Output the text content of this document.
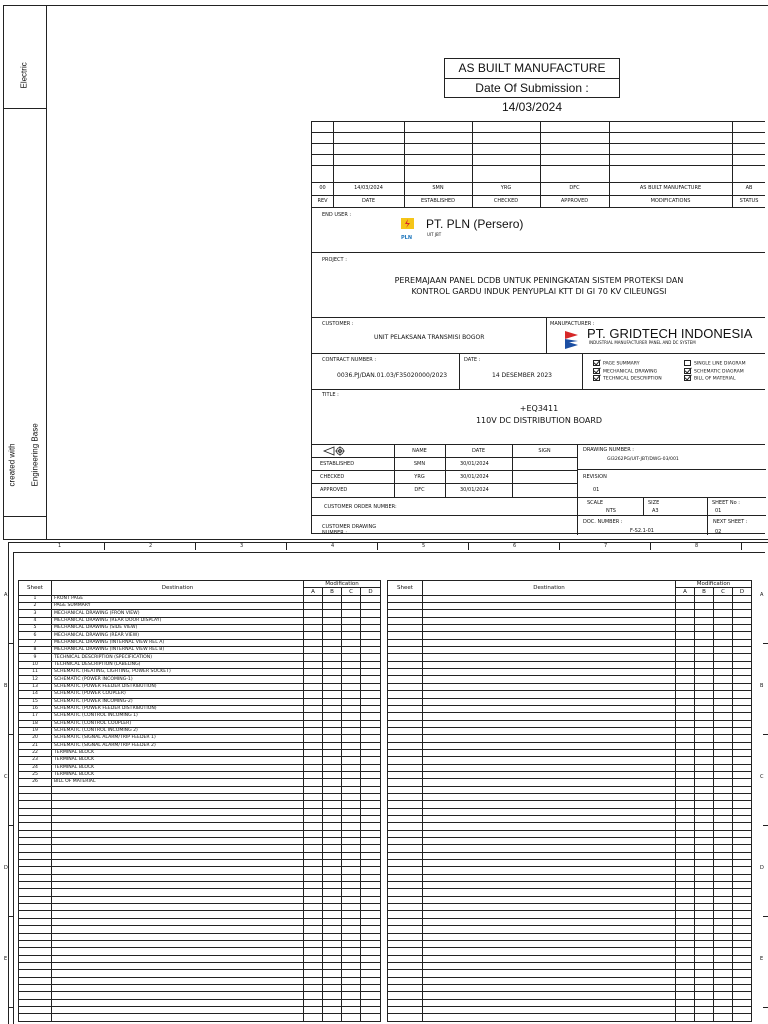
Electric
created with Engineering Base
AS BUILT MANUFACTURE
Date Of Submission : 14/03/2024
00	14/03/2024	SMN	YRG	DFC	AS BUILT MANUFACTURE	AB
REV	DATE	ESTABLISHED	CHECKED	APPROVED	MODIFICATIONS	STATUS
END USER :
PLN
PT. PLN (Persero)
UIT JBT
PROJECT :
PEREMAJAAN PANEL DCDB UNTUK PENINGKATAN SISTEM PROTEKSI DAN
KONTROL GARDU INDUK PENYUPLAI KTT DI GI 70 KV CILEUNGSI
CUSTOMER :
UNIT PELAKSANA TRANSMISI BOGOR
MANUFACTURER :
PT. GRIDTECH INDONESIA
INDUSTRIAL MANUFACTURER PANEL AND DC SYSTEM
CONTRACT NUMBER :
0036.PJ/DAN.01.03/F35020000/2023
DATE :
14 DESEMBER 2023
PAGE SUMMARY
MECHANICAL DRAWING
TECHNICAL DESCRIPTION
SINGLE LINE DIAGRAM
SCHEMATIC DIAGRAM
BILL OF MATERIAL
TITLE :
+EQ3411
110V DC DISTRIBUTION BOARD
NAME	DATE	SIGN
ESTABLISHED	SMN	30/01/2024
CHECKED	YRG	30/01/2024
APPROVED	DFC	30/01/2024
DRAWING NUMBER :
GI3262PG/UIT-JBT/DWG-03/001
REVISION
01
CUSTOMER ORDER NUMBER:
CUSTOMER DRAWING
NUMBER :
SCALE
NTS
SIZE
A3
SHEET No :
01
DOC. NUMBER :
F-S2.1-01
NEXT SHEET :
02
Sheet	Destination	Modification			
		A	B	C	D
1	FRONT PAGE				
2	PAGE SUMMARY				
3	MECHANICAL DRAWING (FRON VIEW)				
4	MECHANICAL DRAWING (REAR DOOR DISPLAY)				
5	MECHANICAL DRAWING (SIDE VIEW)				
6	MECHANICAL DRAWING (REAR VIEW)				
7	MECHANICAL DRAWING (INTERNAL VIEW REL A)				
8	MECHANICAL DRAWING (INTERNAL VIEW REL B)				
9	TECHNICAL DESCRIPTION (SPECIFICATION)				
10	TECHNICAL DESCRIPTION (LABELING)				
11	SCHEMATIC (HEATING, LIGHTING, POWER SOCKET)				
12	SCHEMATIC (POWER INCOMING-1)				
13	SCHEMATIC (POWER FEEDER DISTRIBUTION)				
14	SCHEMATIC (POWER COUPLER)				
15	SCHEMATIC (POWER INCOMING-2)				
16	SCHEMATIC (POWER FEEDER DISTRIBUTION)				
17	SCHEMATIC (CONTROL INCOMING 1)				
18	SCHEMATIC (CONTROL COUPLER)				
19	SCHEMATIC (CONTROL INCOMING 2)				
20	SCHEMATIC (SIGNAL ALARM/TRIP FEEDER 1)				
21	SCHEMATIC (SIGNAL ALARM/TRIP FEEDER 2)				
22	TERMINAL BLOCK				
23	TERMINAL BLOCK				
24	TERMINAL BLOCK				
25	TERMINAL BLOCK				
26	BILL OF MATERIAL				

Sheet	Destination	Modification			
		A	B	C	D

1	2	3	4	5	6	7	8
A	A
B	B
C	C
D	D
E	E
